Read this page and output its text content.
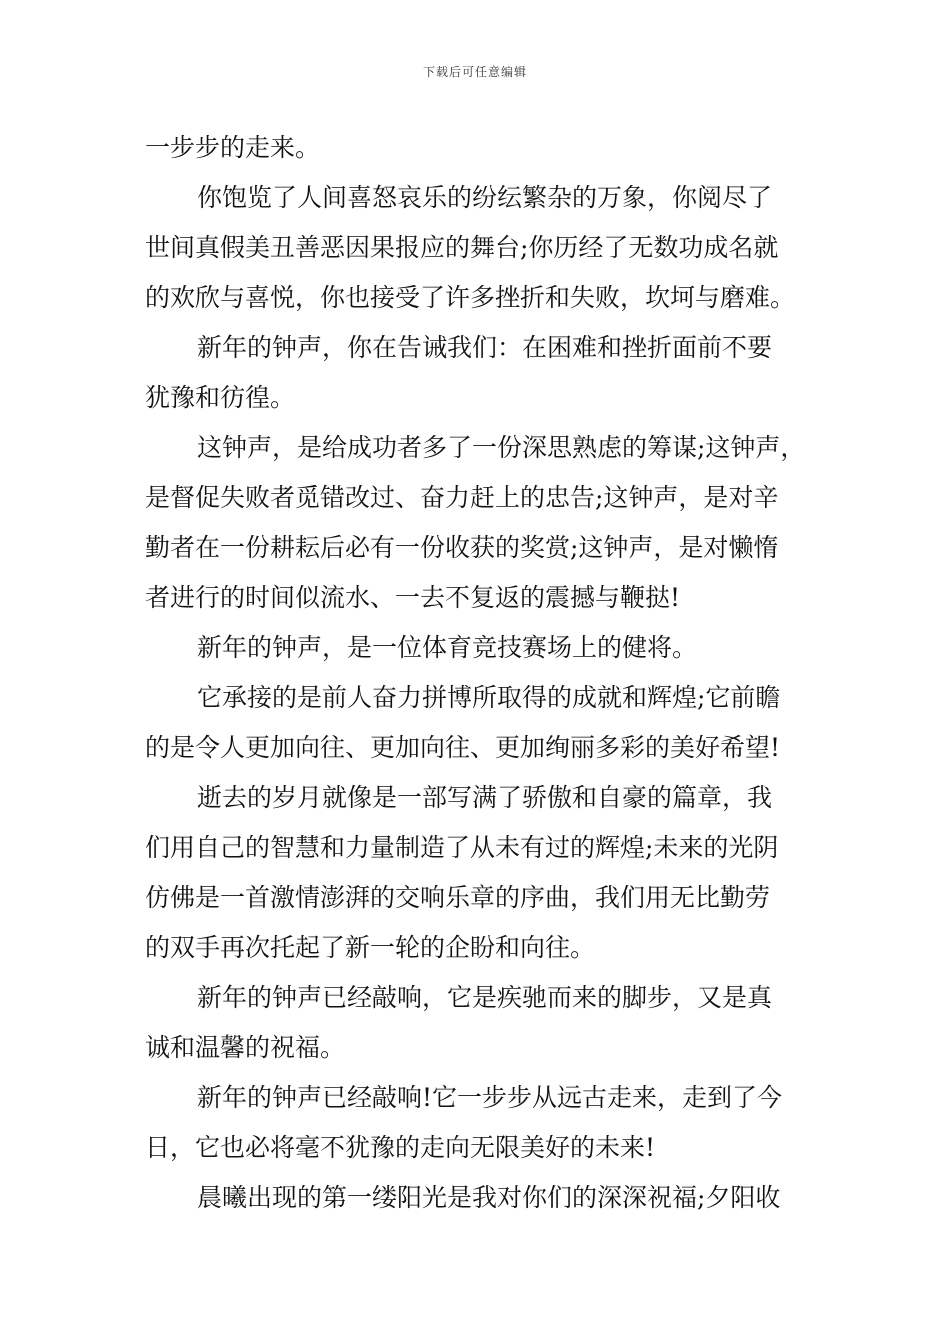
下载后可任意编辑
一步步的走来。
你饱览了人间喜怒哀乐的纷纭繁杂的万象，你阅尽了
世间真假美丑善恶因果报应的舞台;你历经了无数功成名就
的欢欣与喜悦，你也接受了许多挫折和失败，坎坷与磨难。
新年的钟声，你在告诫我们：在困难和挫折面前不要
犹豫和彷徨。
这钟声，是给成功者多了一份深思熟虑的筹谋;这钟声，
是督促失败者觅错改过、奋力赶上的忠告;这钟声，是对辛
勤者在一份耕耘后必有一份收获的奖赏;这钟声，是对懒惰
者进行的时间似流水、一去不复返的震撼与鞭挞!
新年的钟声，是一位体育竞技赛场上的健将。
它承接的是前人奋力拼博所取得的成就和辉煌;它前瞻
的是令人更加向往、更加向往、更加绚丽多彩的美好希望!
逝去的岁月就像是一部写满了骄傲和自豪的篇章，我
们用自己的智慧和力量制造了从未有过的辉煌;未来的光阴
仿佛是一首激情澎湃的交响乐章的序曲，我们用无比勤劳
的双手再次托起了新一轮的企盼和向往。
新年的钟声已经敲响，它是疾驰而来的脚步，又是真
诚和温馨的祝福。
新年的钟声已经敲响!它一步步从远古走来，走到了今
日，它也必将毫不犹豫的走向无限美好的未来!
晨曦出现的第一缕阳光是我对你们的深深祝福;夕阳收
